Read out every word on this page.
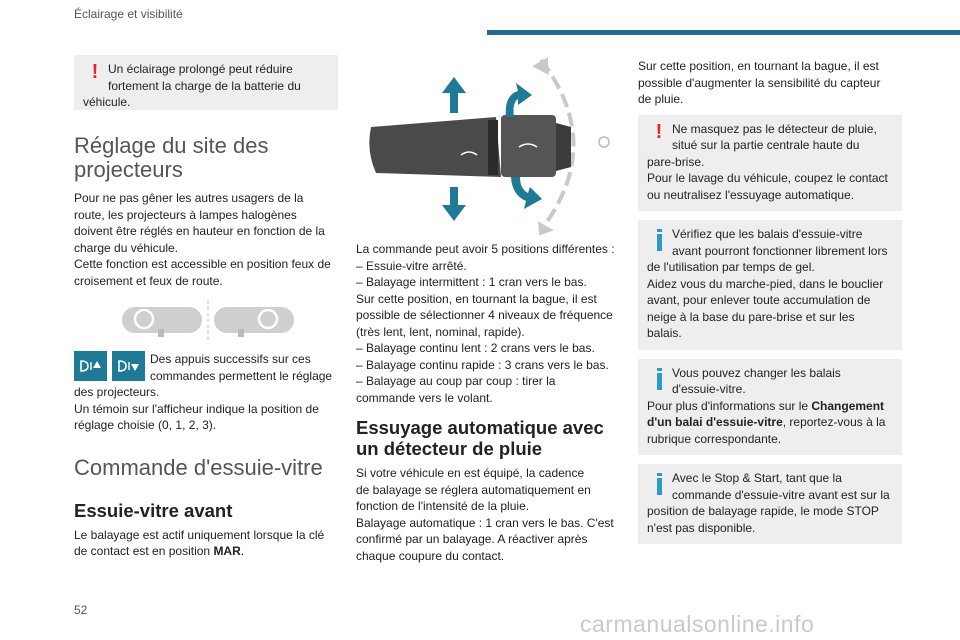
Éclairage et visibilité
! Un éclairage prolongé peut réduire
fortement la charge de la batterie du
véhicule.
Réglage du site des projecteurs
Pour ne pas gêner les autres usagers de la
route, les projecteurs à lampes halogènes
doivent être réglés en hauteur en fonction de la
charge du véhicule.
Cette fonction est accessible en position feux de
croisement et feux de route.
Des appuis successifs sur ces
commandes permettent le réglage
des projecteurs.
Un témoin sur l'afficheur indique la position de
réglage choisie (0, 1, 2, 3).
Commande d'essuie-vitre
Essuie-vitre avant
Le balayage est actif uniquement lorsque la clé
de contact est en position MAR.
La commande peut avoir 5 positions différentes :
– Essuie-vitre arrêté.
– Balayage intermittent : 1 cran vers le bas.
Sur cette position, en tournant la bague, il est
possible de sélectionner 4 niveaux de fréquence
(très lent, lent, nominal, rapide).
– Balayage continu lent : 2 crans vers le bas.
– Balayage continu rapide : 3 crans vers le bas.
– Balayage au coup par coup : tirer la
commande vers le volant.
Essuyage automatique avec un détecteur de pluie
Si votre véhicule en est équipé, la cadence
de balayage se réglera automatiquement en
fonction de l'intensité de la pluie.
Balayage automatique : 1 cran vers le bas. C'est
confirmé par un balayage. A réactiver après
chaque coupure du contact.
Sur cette position, en tournant la bague, il est
possible d'augmenter la sensibilité du capteur
de pluie.
! Ne masquez pas le détecteur de pluie,
situé sur la partie centrale haute du
pare-brise.
Pour le lavage du véhicule, coupez le contact
ou neutralisez l'essuyage automatique.
Vérifiez que les balais d'essuie-vitre
avant pourront fonctionner librement lors
de l'utilisation par temps de gel.
Aidez vous du marche-pied, dans le bouclier
avant, pour enlever toute accumulation de
neige à la base du pare-brise et sur les
balais.
Vous pouvez changer les balais
d'essuie-vitre.
Pour plus d'informations sur le Changement
d'un balai d'essuie-vitre, reportez-vous à la
rubrique correspondante.
Avec le Stop & Start, tant que la
commande d'essuie-vitre avant est sur la
position de balayage rapide, le mode STOP
n'est pas disponible.
52
carmanualsonline.info
